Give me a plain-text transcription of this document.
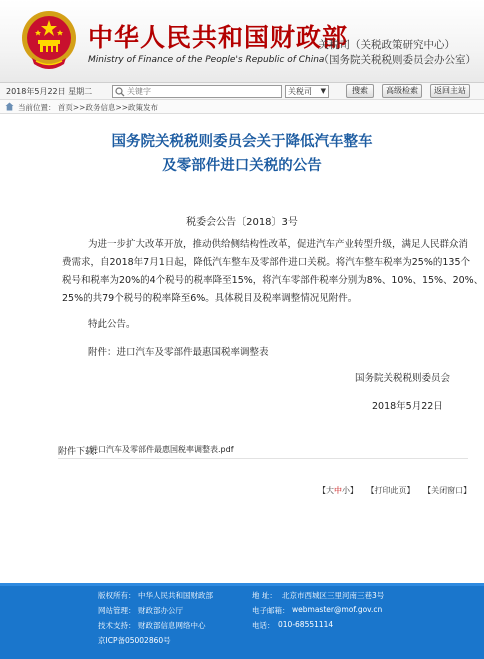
中华人民共和国财政部
Ministry of Finance of the People's Republic of China
关税司（关税政策研究中心）
（国务院关税税则委员会办公室）
2018年5月22日 星期二
关键字	关税司 ▼	搜索	高级检索	返回主站
当前位置： 首页>>政务信息>>政策发布
国务院关税税则委员会关于降低汽车整车
及零部件进口关税的公告
税委会公告〔2018〕3号
为进一步扩大改革开放，推动供给侧结构性改革，促进汽车产业转型升级，满足人民群众消
费需求，自2018年7月1日起，降低汽车整车及零部件进口关税。将汽车整车税率为25%的135个
税号和税率为20%的4个税号的税率降至15%，将汽车零部件税率分别为8%、10%、15%、20%、
25%的共79个税号的税率降至6%。具体税目及税率调整情况见附件。
特此公告。
附件：进口汽车及零部件最惠国税率调整表
国务院关税税则委员会
2018年5月22日
附件下载:
进口汽车及零部件最惠国税率调整表.pdf
【大中小】 【打印此页】 【关闭窗口】
版权所有： 中华人民共和国财政部
网站管理： 财政部办公厅
技术支持： 财政部信息网络中心
京ICP备05002860号
地 址： 北京市西城区三里河南三巷3号
电子邮箱： webmaster@mof.gov.cn
电话： 010-68551114
